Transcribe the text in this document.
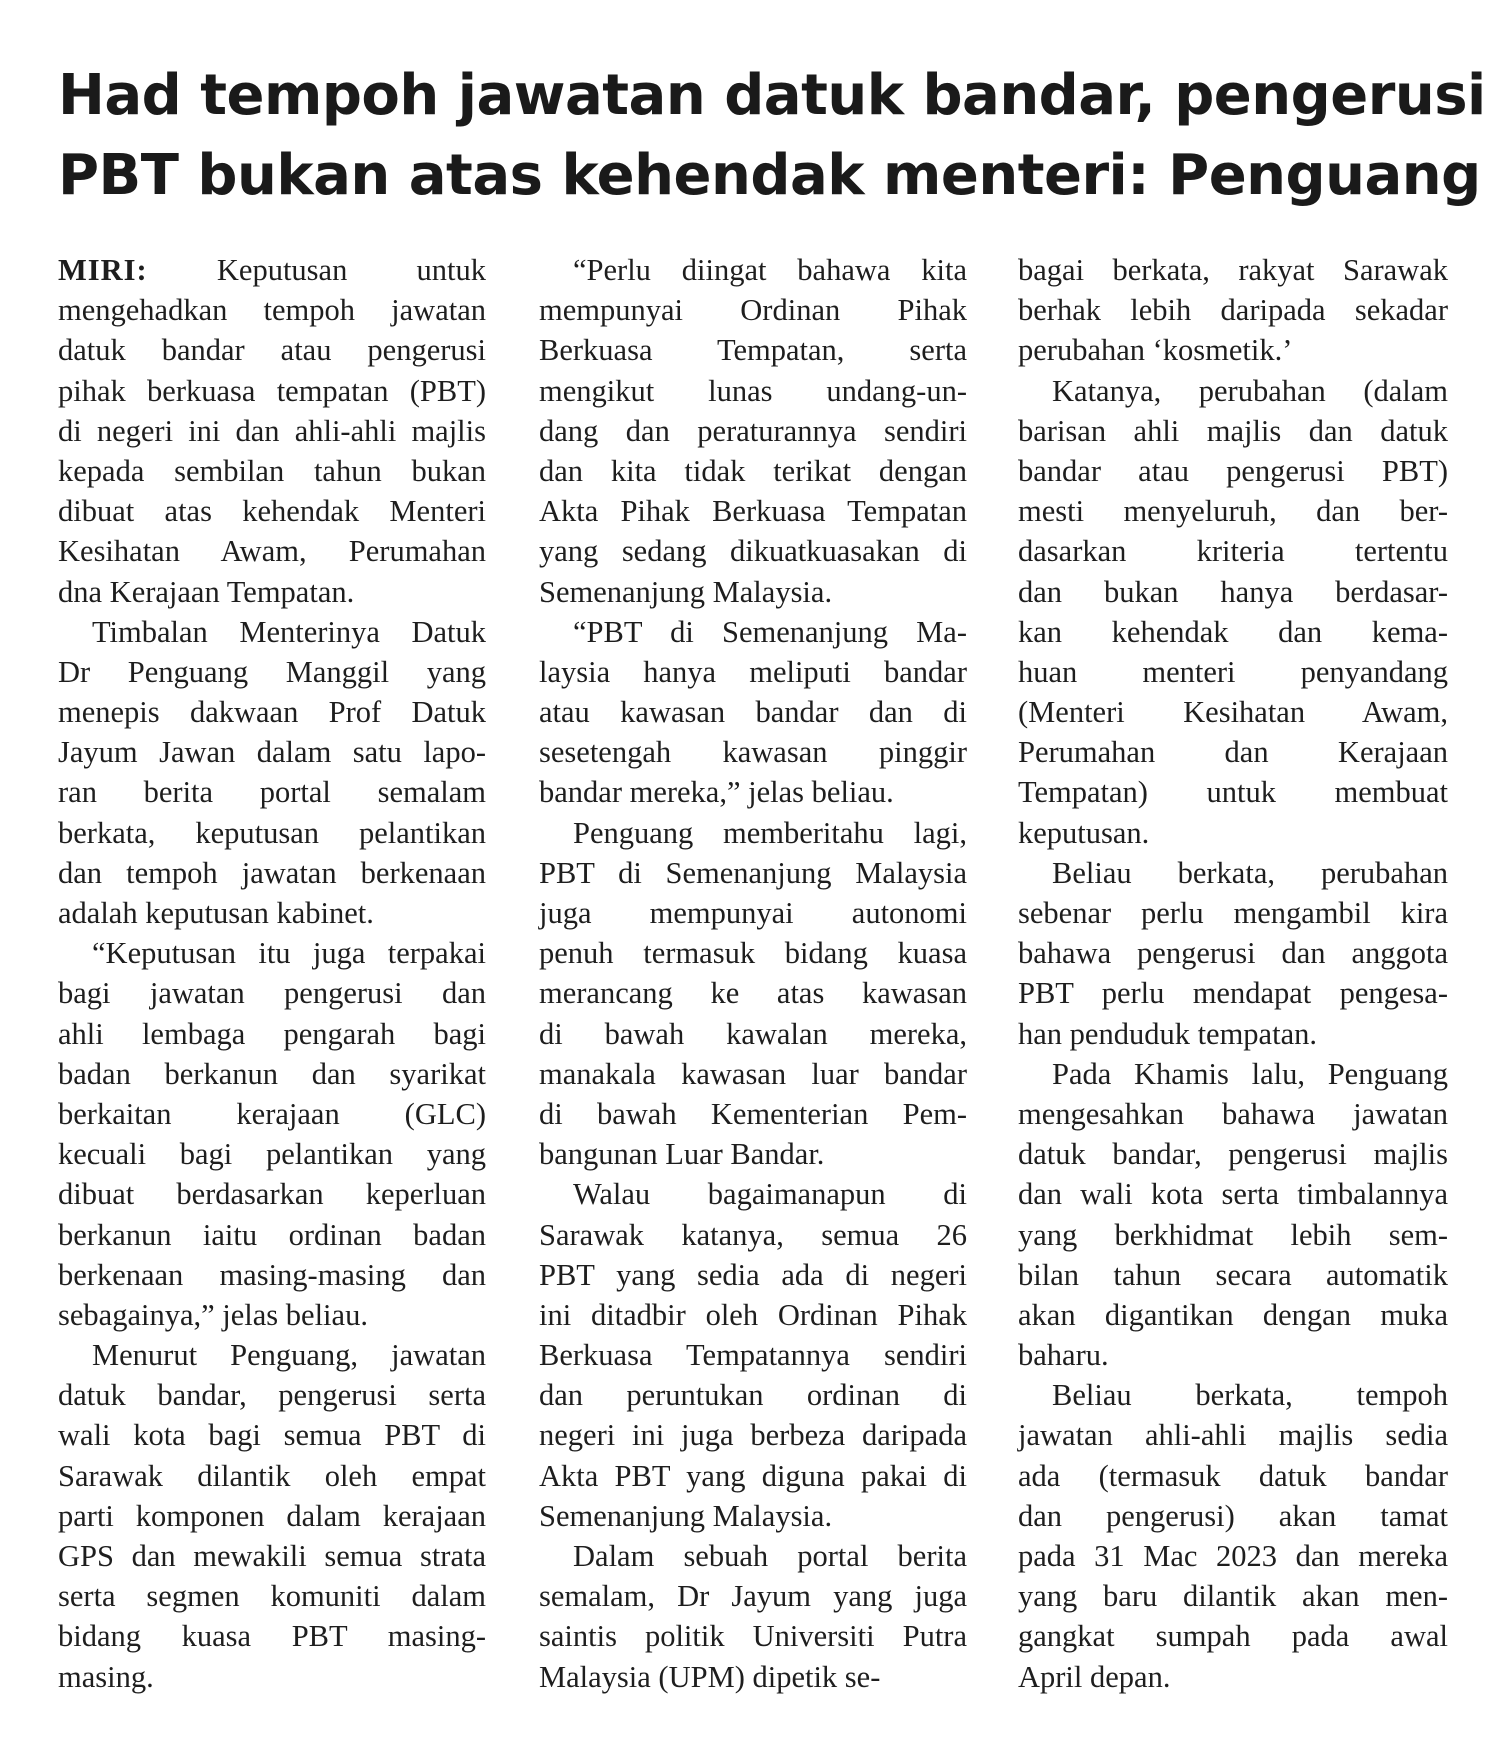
Had tempoh jawatan datuk bandar, pengerusi
PBT bukan atas kehendak menteri: Penguang

MIRI: Keputusan untuk
mengehadkan tempoh jawatan
datuk bandar atau pengerusi
pihak berkuasa tempatan (PBT)
di negeri ini dan ahli-ahli majlis
kepada sembilan tahun bukan
dibuat atas kehendak Menteri
Kesihatan Awam, Perumahan
dna Kerajaan Tempatan.

Timbalan Menterinya Datuk
Dr Penguang Manggil yang
menepis dakwaan Prof Datuk
Jayum Jawan dalam satu lapo-
ran berita portal semalam
berkata, keputusan pelantikan
dan tempoh jawatan berkenaan
adalah keputusan kabinet.

“Keputusan itu juga terpakai
bagi jawatan pengerusi dan
ahli lembaga pengarah bagi
badan berkanun dan syarikat
berkaitan kerajaan (GLC)
kecuali bagi pelantikan yang
dibuat berdasarkan keperluan
berkanun iaitu ordinan badan
berkenaan masing-masing dan
sebagainya,” jelas beliau.

Menurut Penguang, jawatan
datuk bandar, pengerusi serta
wali kota bagi semua PBT di
Sarawak dilantik oleh empat
parti komponen dalam kerajaan
GPS dan mewakili semua strata
serta segmen komuniti dalam
bidang kuasa PBT masing-
masing.

“Perlu diingat bahawa kita
mempunyai Ordinan Pihak
Berkuasa Tempatan, serta
mengikut lunas undang-un-
dang dan peraturannya sendiri
dan kita tidak terikat dengan
Akta Pihak Berkuasa Tempatan
yang sedang dikuatkuasakan di
Semenanjung Malaysia.

“PBT di Semenanjung Ma-
laysia hanya meliputi bandar
atau kawasan bandar dan di
sesetengah kawasan pinggir
bandar mereka,” jelas beliau.

Penguang memberitahu lagi,
PBT di Semenanjung Malaysia
juga mempunyai autonomi
penuh termasuk bidang kuasa
merancang ke atas kawasan
di bawah kawalan mereka,
manakala kawasan luar bandar
di bawah Kementerian Pem-
bangunan Luar Bandar.

Walau bagaimanapun di
Sarawak katanya, semua 26
PBT yang sedia ada di negeri
ini ditadbir oleh Ordinan Pihak
Berkuasa Tempatannya sendiri
dan peruntukan ordinan di
negeri ini juga berbeza daripada
Akta PBT yang diguna pakai di
Semenanjung Malaysia.

Dalam sebuah portal berita
semalam, Dr Jayum yang juga
saintis politik Universiti Putra
Malaysia (UPM) dipetik se-

bagai berkata, rakyat Sarawak
berhak lebih daripada sekadar
perubahan ‘kosmetik.’

Katanya, perubahan (dalam
barisan ahli majlis dan datuk
bandar atau pengerusi PBT)
mesti menyeluruh, dan ber-
dasarkan kriteria tertentu
dan bukan hanya berdasar-
kan kehendak dan kema-
huan menteri penyandang
(Menteri Kesihatan Awam,
Perumahan dan Kerajaan
Tempatan) untuk membuat
keputusan.

Beliau berkata, perubahan
sebenar perlu mengambil kira
bahawa pengerusi dan anggota
PBT perlu mendapat pengesa-
han penduduk tempatan.

Pada Khamis lalu, Penguang
mengesahkan bahawa jawatan
datuk bandar, pengerusi majlis
dan wali kota serta timbalannya
yang berkhidmat lebih sem-
bilan tahun secara automatik
akan digantikan dengan muka
baharu.

Beliau berkata, tempoh
jawatan ahli-ahli majlis sedia
ada (termasuk datuk bandar
dan pengerusi) akan tamat
pada 31 Mac 2023 dan mereka
yang baru dilantik akan men-
gangkat sumpah pada awal
April depan.
